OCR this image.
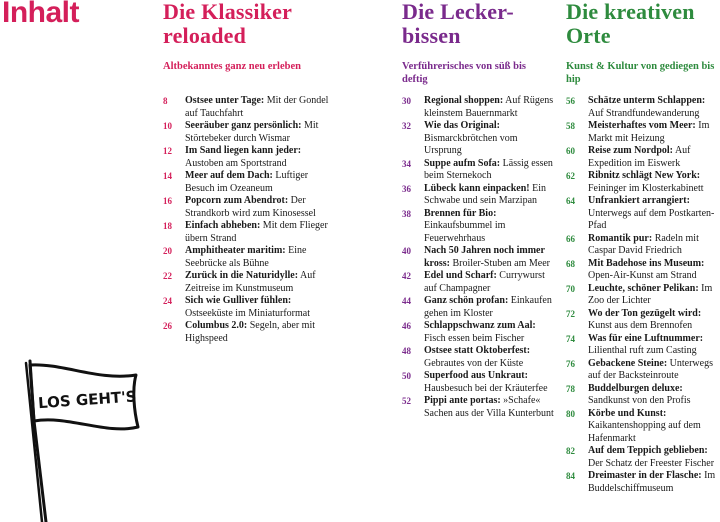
Inhalt	Die Klassiker reloaded
Altbekanntes ganz neu erleben
8	Ostsee unter Tage: Mit der Gondel auf Tauchfahrt
10	Seeräuber ganz persönlich: Mit Störtebeker durch Wismar
12	Im Sand liegen kann jeder: Austoben am Sportstrand
14	Meer auf dem Dach: Luftiger Besuch im Ozeaneum
16	Popcorn zum Abendrot: Der Strandkorb wird zum Kinosessel
18	Einfach abheben: Mit dem Flieger übern Strand
20	Amphitheater maritim: Eine Seebrücke als Bühne
22	Zurück in die Naturidylle: Auf Zeitreise im Kunstmuseum
24	Sich wie Gulliver fühlen: Ostseeküste im Miniaturformat
26	Columbus 2.0: Segeln, aber mit Highspeed
Die Lecker-bissen
Verführerisches von süß bis deftig
30	Regional shoppen: Auf Rügens kleinstem Bauernmarkt
32	Wie das Original: Bismarckbrötchen vom Ursprung
34	Suppe aufm Sofa: Lässig essen beim Sternekoch
36	Lübeck kann einpacken! Ein Schwabe und sein Marzipan
38	Brennen für Bio: Einkaufsbummel im Feuerwehrhaus
40	Nach 50 Jahren noch immer kross: Broiler-Stuben am Meer
42	Edel und Scharf: Currywurst auf Champagner
44	Ganz schön profan: Einkaufen gehen im Kloster
46	Schlappschwanz zum Aal: Fisch essen beim Fischer
48	Ostsee statt Oktoberfest: Gebrautes von der Küste
50	Superfood aus Unkraut: Hausbesuch bei der Kräuterfee
52	Pippi ante portas: »Schafe« Sachen aus der Villa Kunterbunt
Die kreativen Orte
Kunst & Kultur von gediegen bis hip
56	Schätze unterm Schlappen: Auf Strandfundewanderung
58	Meisterhaftes vom Meer: Im Markt mit Heizung
60	Reise zum Nordpol: Auf Expedition im Eiswerk
62	Ribnitz schlägt New York: Feininger im Klosterkabinett
64	Unfrankiert arrangiert: Unterwegs auf dem Postkarten-Pfad
66	Romantik pur: Radeln mit Caspar David Friedrich
68	Mit Badehose ins Museum: Open-Air-Kunst am Strand
70	Leuchte, schöner Pelikan: Im Zoo der Lichter
72	Wo der Ton gezügelt wird: Kunst aus dem Brennofen
74	Was für eine Luftnummer: Lilienthal ruft zum Casting
76	Gebackene Steine: Unterwegs auf der Backsteinroute
78	Buddelburgen deluxe: Sandkunst von den Profis
80	Körbe und Kunst: Kaikantenshopping auf dem Hafenmarkt
82	Auf dem Teppich geblieben: Der Schatz der Freester Fischer
84	Dreimaster in der Flasche: Im Buddelschiffmuseum
LOS GEHT'S
